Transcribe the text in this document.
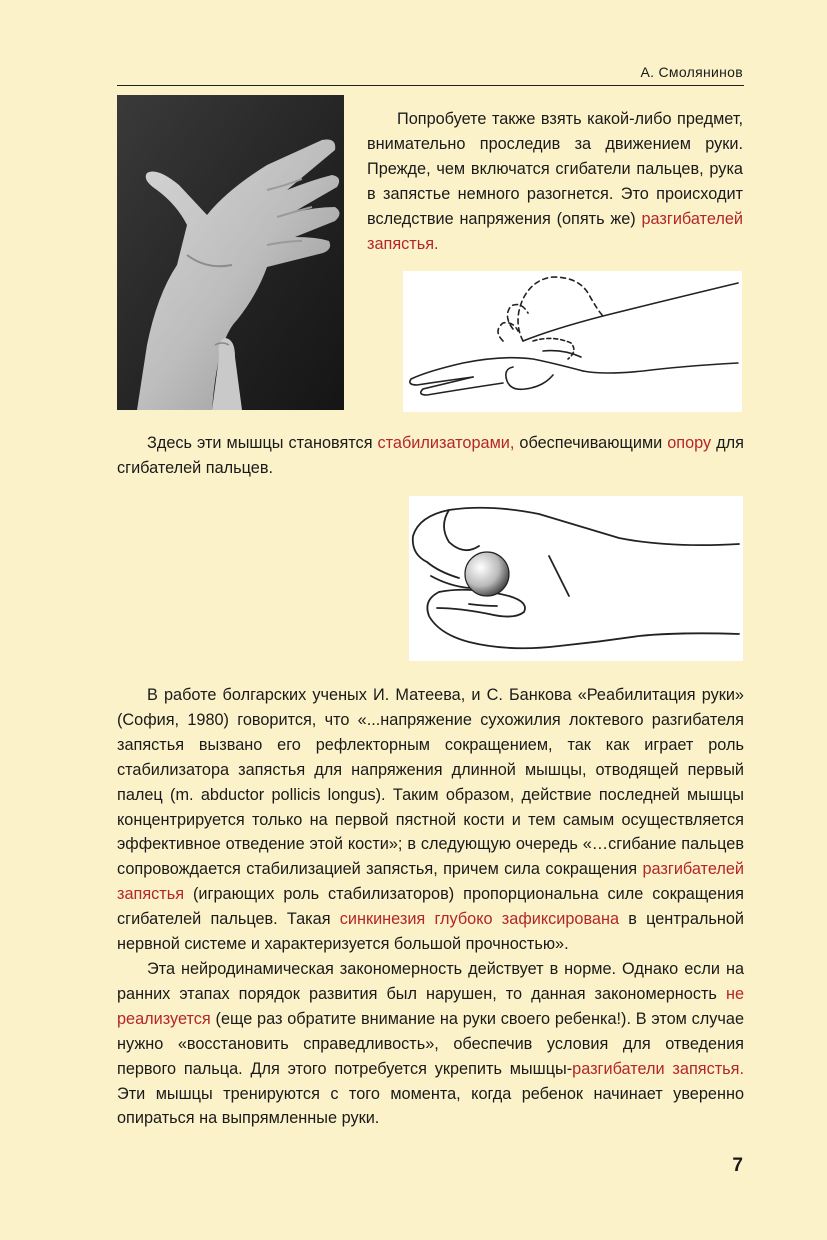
А. Смолянинов

Попробуете также взять какой-либо предмет, внимательно проследив за движением руки. Прежде, чем включатся сгибатели пальцев, рука в запястье немного разогнется. Это происходит вследствие напряжения (опять же) разгибателей запястья.

Здесь эти мышцы становятся стабилизаторами, обеспечивающими опору для сгибателей пальцев.

В работе болгарских ученых И. Матеева, и С. Банкова «Реабилитация руки» (София, 1980) говорится, что «...напряжение сухожилия локтевого разгибателя запястья вызвано его рефлекторным сокращением, так как играет роль стабилизатора запястья для напряжения длинной мышцы, отводящей первый палец (m. abductor pollicis longus). Таким образом, действие последней мышцы концентрируется только на первой пястной кости и тем самым осуществляется эффективное отведение этой кости»; в следующую очередь «…сгибание пальцев сопровождается стабилизацией запястья, причем сила сокращения разгибателей запястья (играющих роль стабилизаторов) пропорциональна силе сокращения сгибателей пальцев. Такая синкинезия глубоко зафиксирована в центральной нервной системе и характеризуется большой прочностью».

Эта нейродинамическая закономерность действует в норме. Однако если на ранних этапах порядок развития был нарушен, то данная закономерность не реализуется (еще раз обратите внимание на руки своего ребенка!). В этом случае нужно «восстановить справедливость», обеспечив условия для отведения первого пальца. Для этого потребуется укрепить мышцы-разгибатели запястья. Эти мышцы тренируются с того момента, когда ребенок начинает уверенно опираться на выпрямленные руки.

7
